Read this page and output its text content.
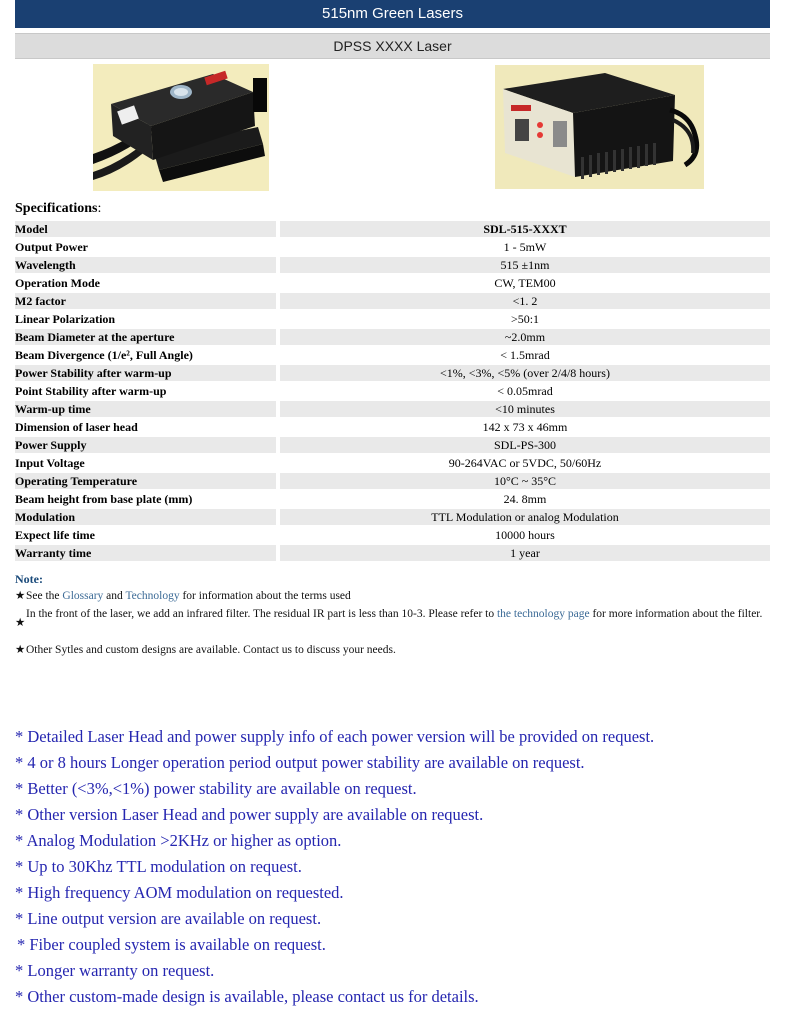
515nm Green Lasers
DPSS XXXX Laser
Specifications:
Model		SDL-515-XXXT
Output Power		1 - 5mW
Wavelength		515 ±1nm
Operation Mode		CW, TEM00
M2 factor		<1. 2
Linear Polarization		>50:1
Beam Diameter at the aperture		~2.0mm
Beam Divergence (1/e², Full Angle)		< 1.5mrad
Power Stability after warm-up		<1%, <3%, <5% (over 2/4/8 hours)
Point Stability after warm-up		< 0.05mrad
Warm-up time		<10 minutes
Dimension of laser head		142 x 73 x 46mm
Power Supply		SDL-PS-300
Input Voltage		90-264VAC or 5VDC, 50/60Hz
Operating Temperature		10°C ~ 35°C
Beam height from base plate (mm)		24. 8mm
Modulation		TTL Modulation or analog Modulation
Expect life time		10000 hours
Warranty time		1 year
Note:
★ See the Glossary and Technology for information about the terms used
★
In the front of the laser, we add an infrared filter. The residual IR part is less than 10-3. Please refer to the technology page for more information about the filter.
★ Other Sytles and custom designs are available. Contact us to discuss your needs.
* Detailed Laser Head and power supply info of each power version will be provided on request.
* 4 or 8 hours Longer operation period output power stability are available on request.
* Better (<3%,<1%) power stability are available on request.
* Other version Laser Head and power supply are available on request.
* Analog Modulation >2KHz or higher as option.
* Up to 30Khz TTL modulation on request.
* High frequency AOM modulation on requested.
* Line output version are available on request.
* Fiber coupled system is available on request.
* Longer warranty on request.
* Other custom-made design is available, please contact us for details.
